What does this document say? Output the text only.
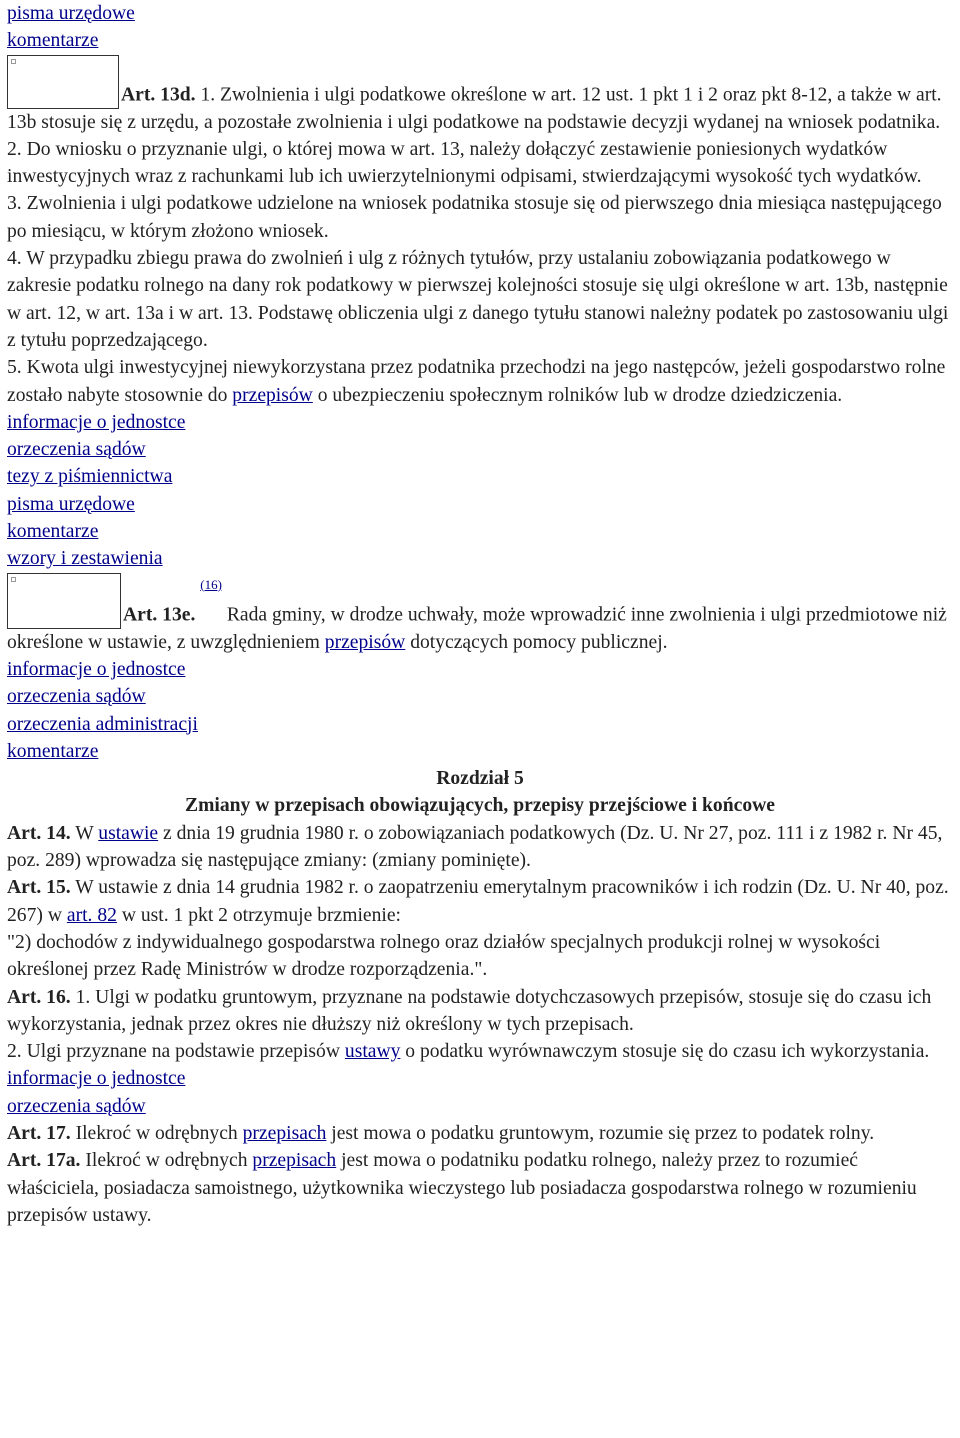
pisma urzędowe
komentarze

Art. 13d. 1. Zwolnienia i ulgi podatkowe określone w art. 12 ust. 1 pkt 1 i 2 oraz pkt 8-12, a także w art. 13b stosuje się z urzędu, a pozostałe zwolnienia i ulgi podatkowe na podstawie decyzji wydanej na wniosek podatnika.

2. Do wniosku o przyznanie ulgi, o której mowa w art. 13, należy dołączyć zestawienie poniesionych wydatków inwestycyjnych wraz z rachunkami lub ich uwierzytelnionymi odpisami, stwierdzającymi wysokość tych wydatków.

3. Zwolnienia i ulgi podatkowe udzielone na wniosek podatnika stosuje się od pierwszego dnia miesiąca następującego po miesiącu, w którym złożono wniosek.

4. W przypadku zbiegu prawa do zwolnień i ulg z różnych tytułów, przy ustalaniu zobowiązania podatkowego w zakresie podatku rolnego na dany rok podatkowy w pierwszej kolejności stosuje się ulgi określone w art. 13b, następnie w art. 12, w art. 13a i w art. 13. Podstawę obliczenia ulgi z danego tytułu stanowi należny podatek po zastosowaniu ulgi z tytułu poprzedzającego.

5. Kwota ulgi inwestycyjnej niewykorzystana przez podatnika przechodzi na jego następców, jeżeli gospodarstwo rolne zostało nabyte stosownie do przepisów o ubezpieczeniu społecznym rolników lub w drodze dziedziczenia.

informacje o jednostce
orzeczenia sądów
tezy z piśmiennictwa
pisma urzędowe
komentarze
wzory i zestawienia

Art. 13e. $^{(16)}$ Rada gminy, w drodze uchwały, może wprowadzić inne zwolnienia i ulgi przedmiotowe niż określone w ustawie, z uwzględnieniem przepisów dotyczących pomocy publicznej.

informacje o jednostce
orzeczenia sądów
orzeczenia administracji
komentarze

Rozdział 5

Zmiany w przepisach obowiązujących, przepisy przejściowe i końcowe

Art. 14. W ustawie z dnia 19 grudnia 1980 r. o zobowiązaniach podatkowych (Dz. U. Nr 27, poz. 111 i z 1982 r. Nr 45, poz. 289) wprowadza się następujące zmiany: (zmiany pominięte).

Art. 15. W ustawie z dnia 14 grudnia 1982 r. o zaopatrzeniu emerytalnym pracowników i ich rodzin (Dz. U. Nr 40, poz. 267) w art. 82 w ust. 1 pkt 2 otrzymuje brzmienie:

"2) dochodów z indywidualnego gospodarstwa rolnego oraz działów specjalnych produkcji rolnej w wysokości określonej przez Radę Ministrów w drodze rozporządzenia.".

Art. 16. 1. Ulgi w podatku gruntowym, przyznane na podstawie dotychczasowych przepisów, stosuje się do czasu ich wykorzystania, jednak przez okres nie dłuższy niż określony w tych przepisach.

2. Ulgi przyznane na podstawie przepisów ustawy o podatku wyrównawczym stosuje się do czasu ich wykorzystania.

informacje o jednostce
orzeczenia sądów

Art. 17. Ilekroć w odrębnych przepisach jest mowa o podatku gruntowym, rozumie się przez to podatek rolny.

Art. 17a. Ilekroć w odrębnych przepisach jest mowa o podatniku podatku rolnego, należy przez to rozumieć właściciela, posiadacza samoistnego, użytkownika wieczystego lub posiadacza gospodarstwa rolnego w rozumieniu przepisów ustawy.
